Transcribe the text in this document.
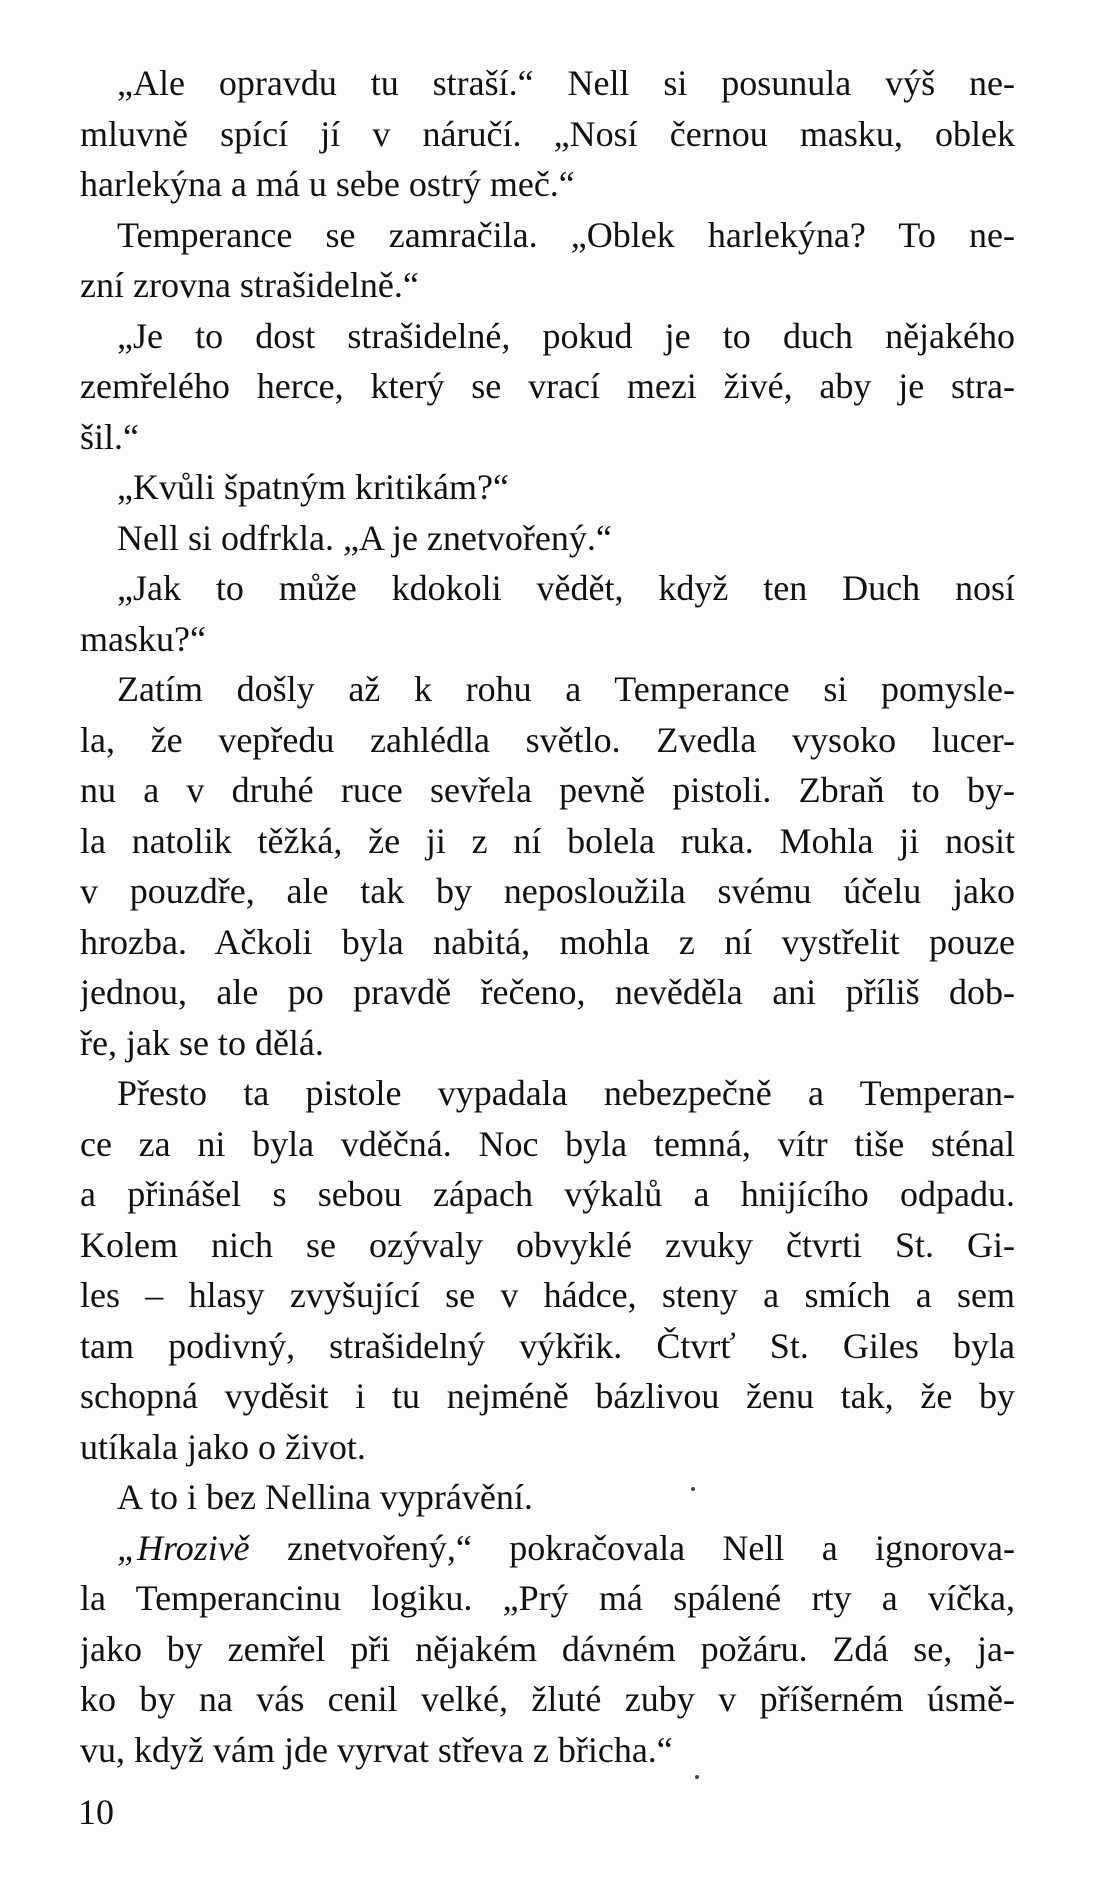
„Ale opravdu tu straší.“ Nell si posunula výš ne-
mluvně spící jí v náručí. „Nosí černou masku, oblek
harlekýna a má u sebe ostrý meč.“
Temperance se zamračila. „Oblek harlekýna? To ne-
zní zrovna strašidelně.“
„Je to dost strašidelné, pokud je to duch nějakého
zemřelého herce, který se vrací mezi živé, aby je stra-
šil.“
„Kvůli špatným kritikám?“
Nell si odfrkla. „A je znetvořený.“
„Jak to může kdokoli vědět, když ten Duch nosí
masku?“
Zatím došly až k rohu a Temperance si pomysle-
la, že vepředu zahlédla světlo. Zvedla vysoko lucer-
nu a v druhé ruce sevřela pevně pistoli. Zbraň to by-
la natolik těžká, že ji z ní bolela ruka. Mohla ji nosit
v pouzdře, ale tak by neposloužila svému účelu jako
hrozba. Ačkoli byla nabitá, mohla z ní vystřelit pouze
jednou, ale po pravdě řečeno, nevěděla ani příliš dob-
ře, jak se to dělá.
Přesto ta pistole vypadala nebezpečně a Temperan-
ce za ni byla vděčná. Noc byla temná, vítr tiše sténal
a přinášel s sebou zápach výkalů a hnijícího odpadu.
Kolem nich se ozývaly obvyklé zvuky čtvrti St. Gi-
les – hlasy zvyšující se v hádce, steny a smích a sem
tam podivný, strašidelný výkřik. Čtvrť St. Giles byla
schopná vyděsit i tu nejméně bázlivou ženu tak, že by
utíkala jako o život.
A to i bez Nellina vyprávění.
„Hrozivě znetvořený,“ pokračovala Nell a ignorova-
la Temperancinu logiku. „Prý má spálené rty a víčka,
jako by zemřel při nějakém dávném požáru. Zdá se, ja-
ko by na vás cenil velké, žluté zuby v příšerném úsmě-
vu, když vám jde vyrvat střeva z břicha.“
10
